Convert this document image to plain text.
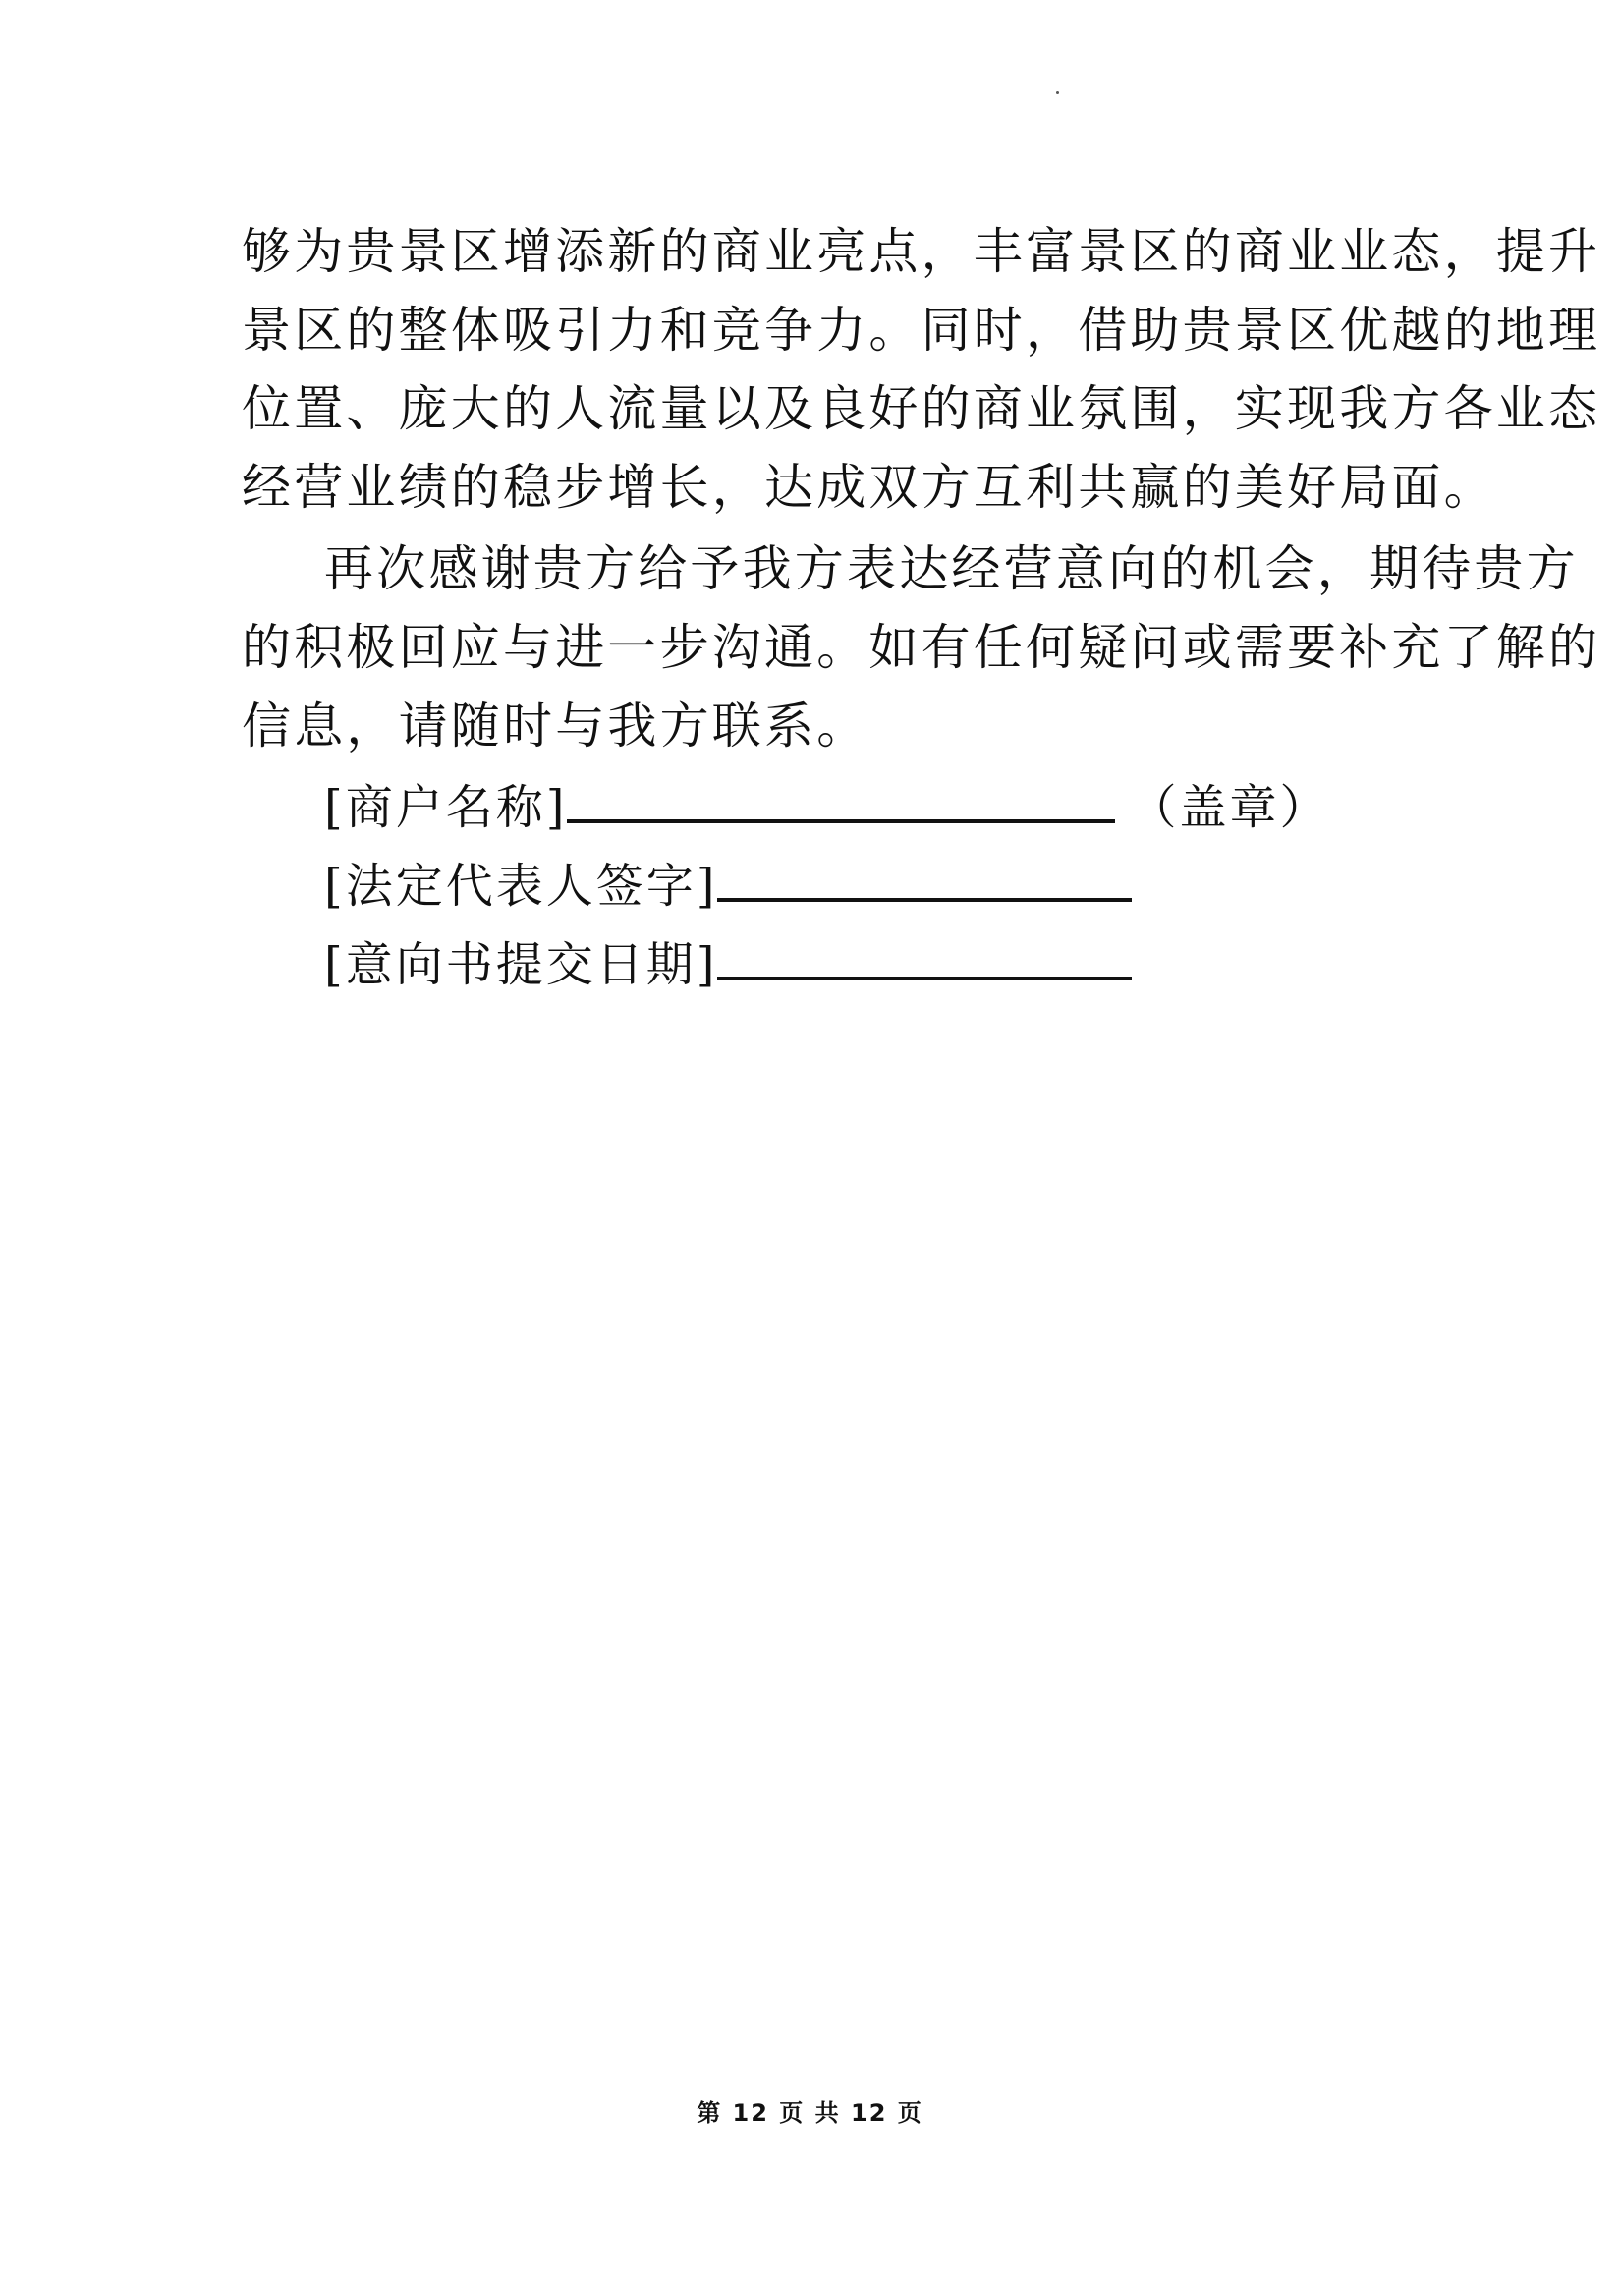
够为贵景区增添新的商业亮点，丰富景区的商业业态，提升
景区的整体吸引力和竞争力。同时，借助贵景区优越的地理
位置、庞大的人流量以及良好的商业氛围，实现我方各业态
经营业绩的稳步增长，达成双方互利共赢的美好局面。
再次感谢贵方给予我方表达经营意向的机会，期待贵方
的积极回应与进一步沟通。如有任何疑问或需要补充了解的
信息，请随时与我方联系。
[商户名称]	（盖章）
[法定代表人签字]
[意向书提交日期]
第 12 页 共 12 页
